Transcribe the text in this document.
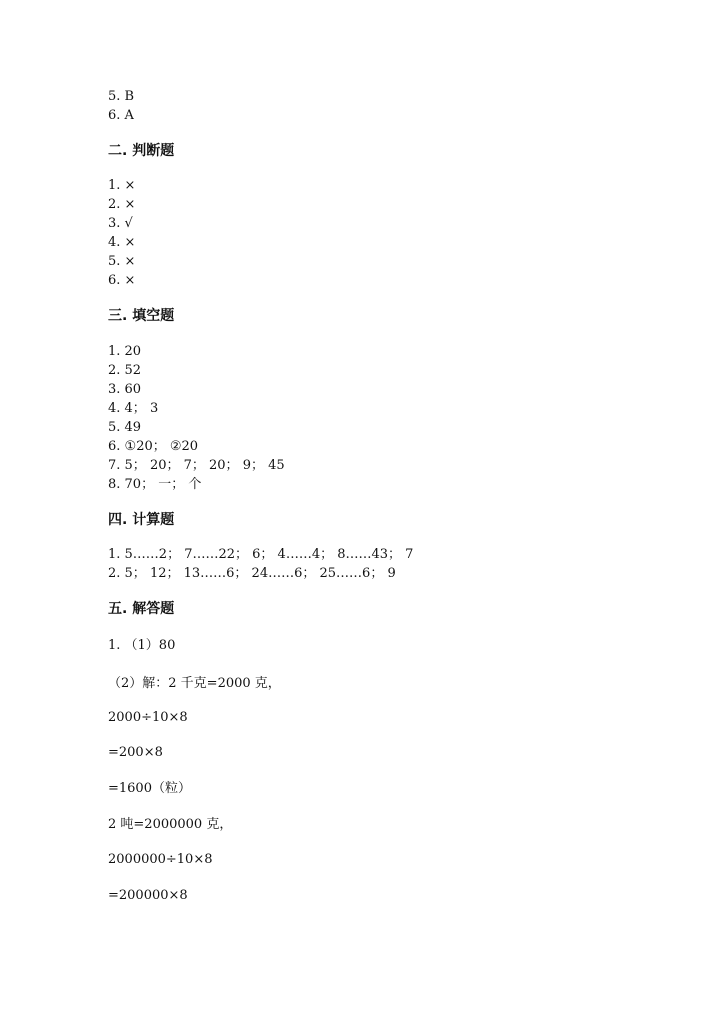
5. B
6. A
二. 判断题
1. ×
2. ×
3. √
4. ×
5. ×
6. ×
三. 填空题
1. 20
2. 52
3. 60
4. 4； 3
5. 49
6. ①20； ②20
7. 5； 20； 7； 20； 9； 45
8. 70； 一； 个
四. 计算题
1. 5……2； 7……22； 6； 4……4； 8……43； 7
2. 5； 12； 13……6； 24……6； 25……6； 9
五. 解答题
1. （1）80
（2）解：2 千克=2000 克，
2000÷10×8
=200×8
=1600（粒）
2 吨=2000000 克，
2000000÷10×8
=200000×8
